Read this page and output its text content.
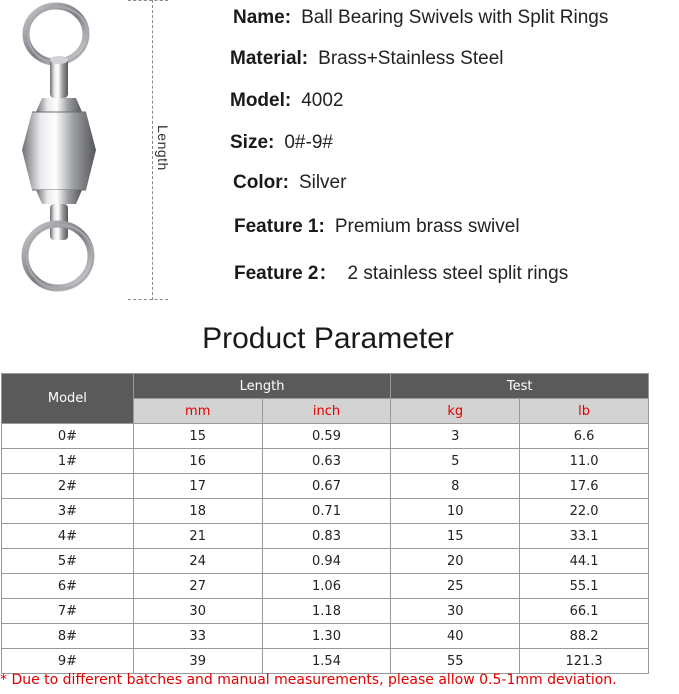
Length
Name: Ball Bearing Swivels with Split Rings
Material: Brass+Stainless Steel
Model: 4002
Size: 0#-9#
Color: Silver
Feature 1: Premium brass swivel
Feature 2： 2 stainless steel split rings
Product Parameter
Model	Length		Test	
	mm	inch	kg	lb
0#	15	0.59	3	6.6
1#	16	0.63	5	11.0
2#	17	0.67	8	17.6
3#	18	0.71	10	22.0
4#	21	0.83	15	33.1
5#	24	0.94	20	44.1
6#	27	1.06	25	55.1
7#	30	1.18	30	66.1
8#	33	1.30	40	88.2
9#	39	1.54	55	121.3
* Due to different batches and manual measurements, please allow 0.5-1mm deviation.
